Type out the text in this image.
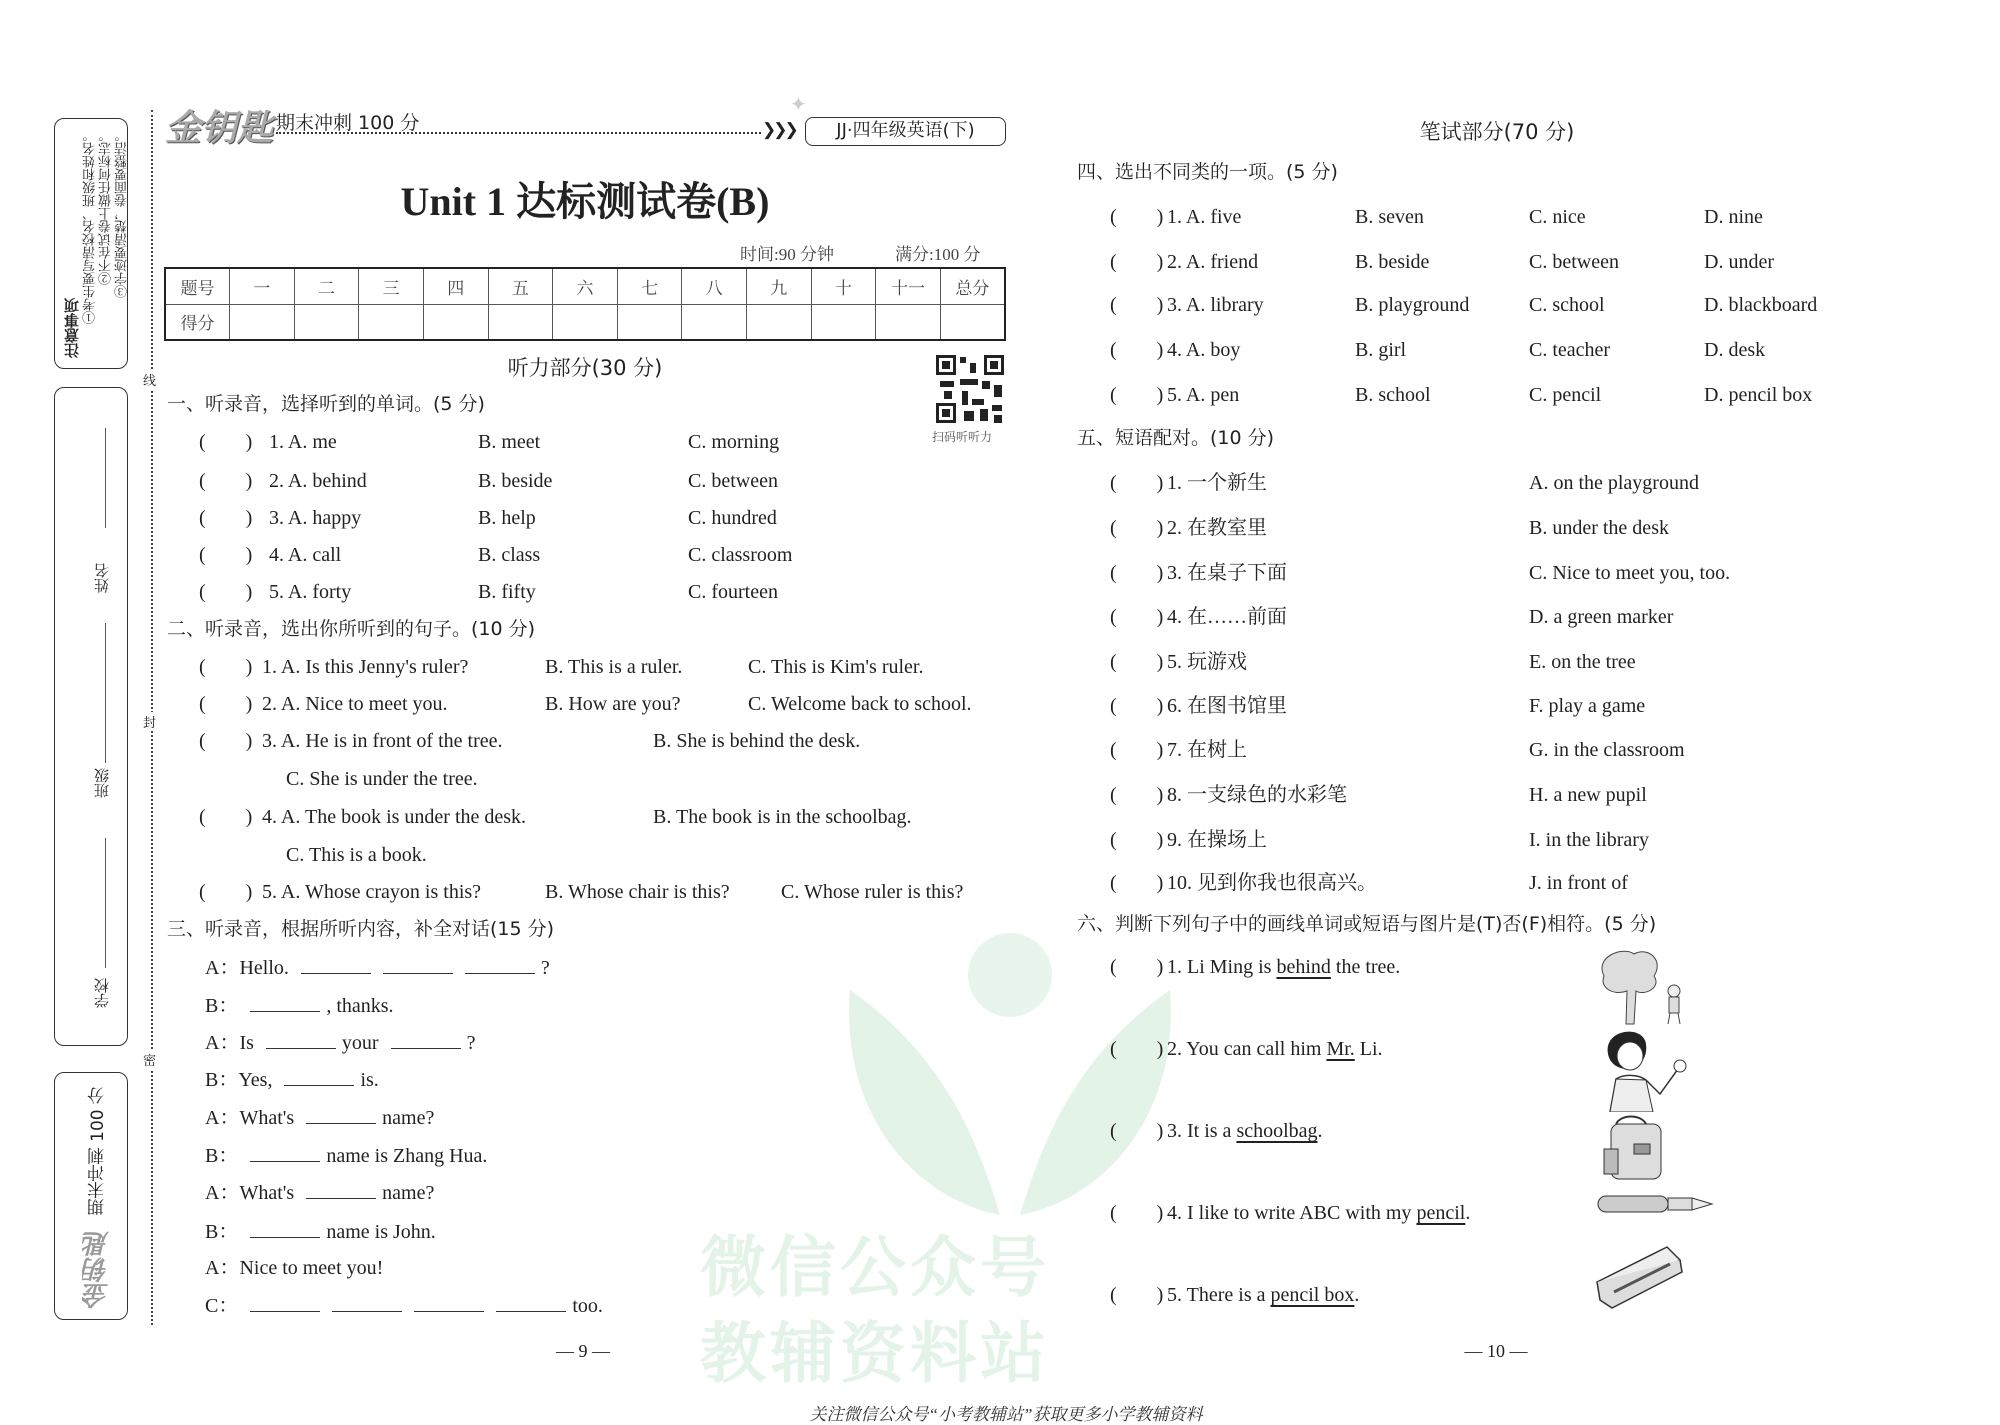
微信公众号
教辅资料站
注意事项
①考生要写清校名、班级和姓名。 ②不在试卷上做任何标志。 ③字迹要清楚，卷面要整洁。
姓名
班级
学校
期末冲刺 100 分
金钥匙
线
封
密
金钥匙 期末冲刺 100 分	❯❯❯	JJ·四年级英语(下)
✦
Unit 1 达标测试卷(B)
时间:90 分钟	满分:100 分
题号	一	二	三	四	五	六	七	八	九	十	十一	总分
得分												
听力部分(30 分)
扫码听听力
笔试部分(70 分)
一、听录音，选择听到的单词。(5 分)
(　　) 1. A. me	B. meet	C. morning
(　　) 2. A. behind	B. beside	C. between
(　　) 3. A. happy	B. help	C. hundred
(　　) 4. A. call	B. class	C. classroom
(　　) 5. A. forty	B. fifty	C. fourteen
二、听录音，选出你所听到的句子。(10 分)
(　　) 1. A. Is this Jenny's ruler?	B. This is a ruler.	C. This is Kim's ruler.
(　　) 2. A. Nice to meet you.	B. How are you?	C. Welcome back to school.
(　　) 3. A. He is in front of the tree.	B. She is behind the desk.
C. She is under the tree.
(　　) 4. A. The book is under the desk.	B. The book is in the schoolbag.
C. This is a book.
(　　) 5. A. Whose crayon is this?	B. Whose chair is this?	C. Whose ruler is this?
三、听录音，根据所听内容，补全对话(15 分)
A：Hello.	?
B：	, thanks.
A：Is	your	?
B：Yes,	is.
A：What's	name?
B：	name is Zhang Hua.
A：What's	name?
B：	name is John.
A：Nice to meet you!
C：	too.
四、选出不同类的一项。(5 分)
(　　) 1. A. five	B. seven	C. nice	D. nine
(　　) 2. A. friend	B. beside	C. between	D. under
(　　) 3. A. library	B. playground	C. school	D. blackboard
(　　) 4. A. boy	B. girl	C. teacher	D. desk
(　　) 5. A. pen	B. school	C. pencil	D. pencil box
五、短语配对。(10 分)
(　　) 1. 一个新生	A. on the playground
(　　) 2. 在教室里	B. under the desk
(　　) 3. 在桌子下面	C. Nice to meet you, too.
(　　) 4. 在……前面	D. a green marker
(　　) 5. 玩游戏	E. on the tree
(　　) 6. 在图书馆里	F. play a game
(　　) 7. 在树上	G. in the classroom
(　　) 8. 一支绿色的水彩笔	H. a new pupil
(　　) 9. 在操场上	I. in the library
(　　) 10. 见到你我也很高兴。	J. in front of
六、判断下列句子中的画线单词或短语与图片是(T)否(F)相符。(5 分)
(　　) 1. Li Ming is behind the tree.
(　　) 2. You can call him Mr. Li.
(　　) 3. It is a schoolbag.
(　　) 4. I like to write ABC with my pencil.
(　　) 5. There is a pencil box.
— 9 —	— 10 —
关注微信公众号“小考教辅站”获取更多小学教辅资料
